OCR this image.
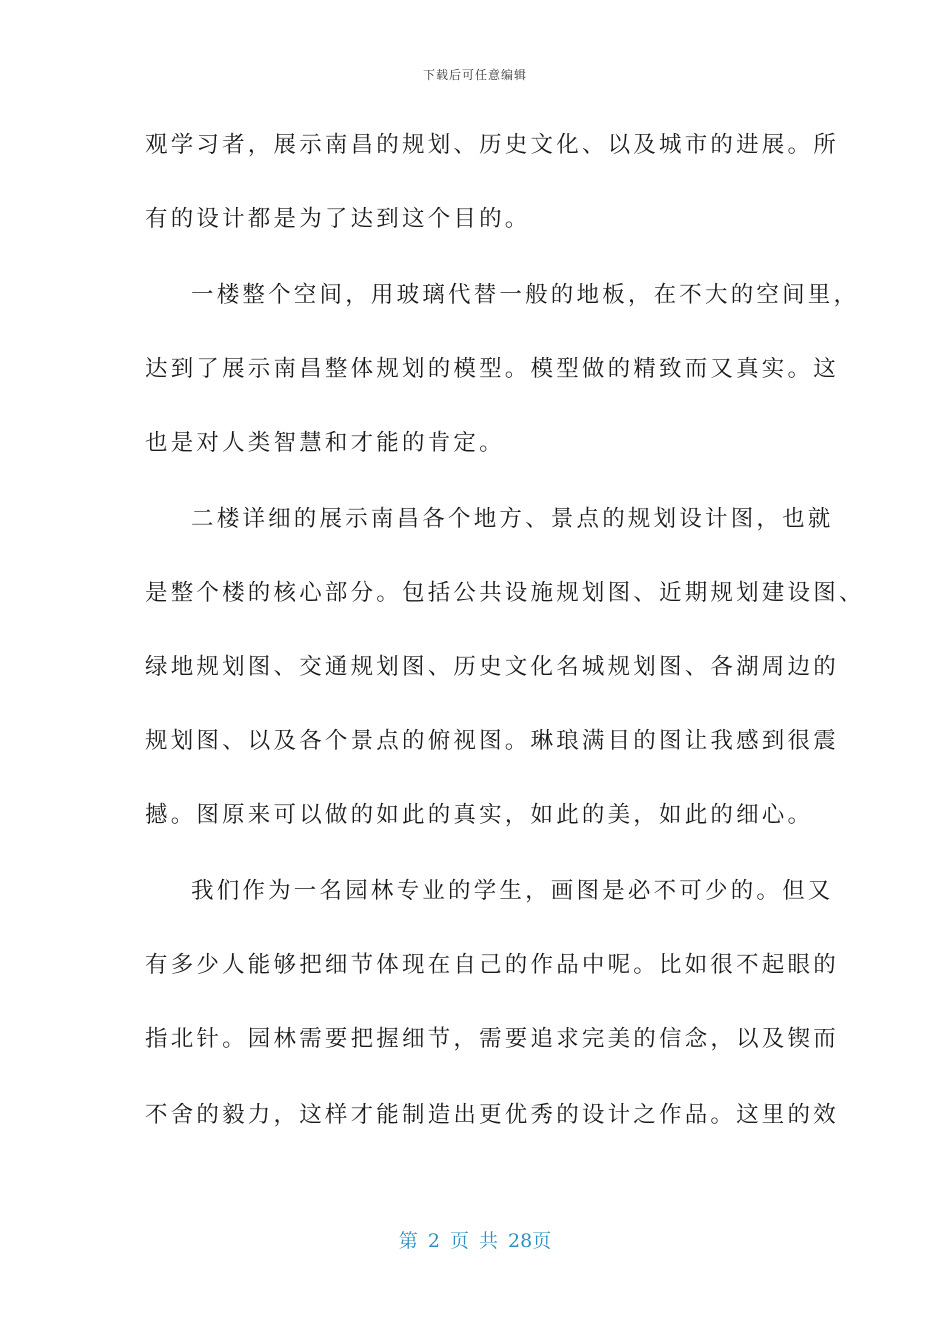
下载后可任意编辑
观学习者，展示南昌的规划、历史文化、以及城市的进展。所
有的设计都是为了达到这个目的。
一楼整个空间，用玻璃代替一般的地板，在不大的空间里，
达到了展示南昌整体规划的模型。模型做的精致而又真实。这
也是对人类智慧和才能的肯定。
二楼详细的展示南昌各个地方、景点的规划设计图，也就
是整个楼的核心部分。包括公共设施规划图、近期规划建设图、
绿地规划图、交通规划图、历史文化名城规划图、各湖周边的
规划图、以及各个景点的俯视图。琳琅满目的图让我感到很震
撼。图原来可以做的如此的真实，如此的美，如此的细心。
我们作为一名园林专业的学生，画图是必不可少的。但又
有多少人能够把细节体现在自己的作品中呢。比如很不起眼的
指北针。园林需要把握细节，需要追求完美的信念，以及锲而
不舍的毅力，这样才能制造出更优秀的设计之作品。这里的效
第 2 页 共 28页
